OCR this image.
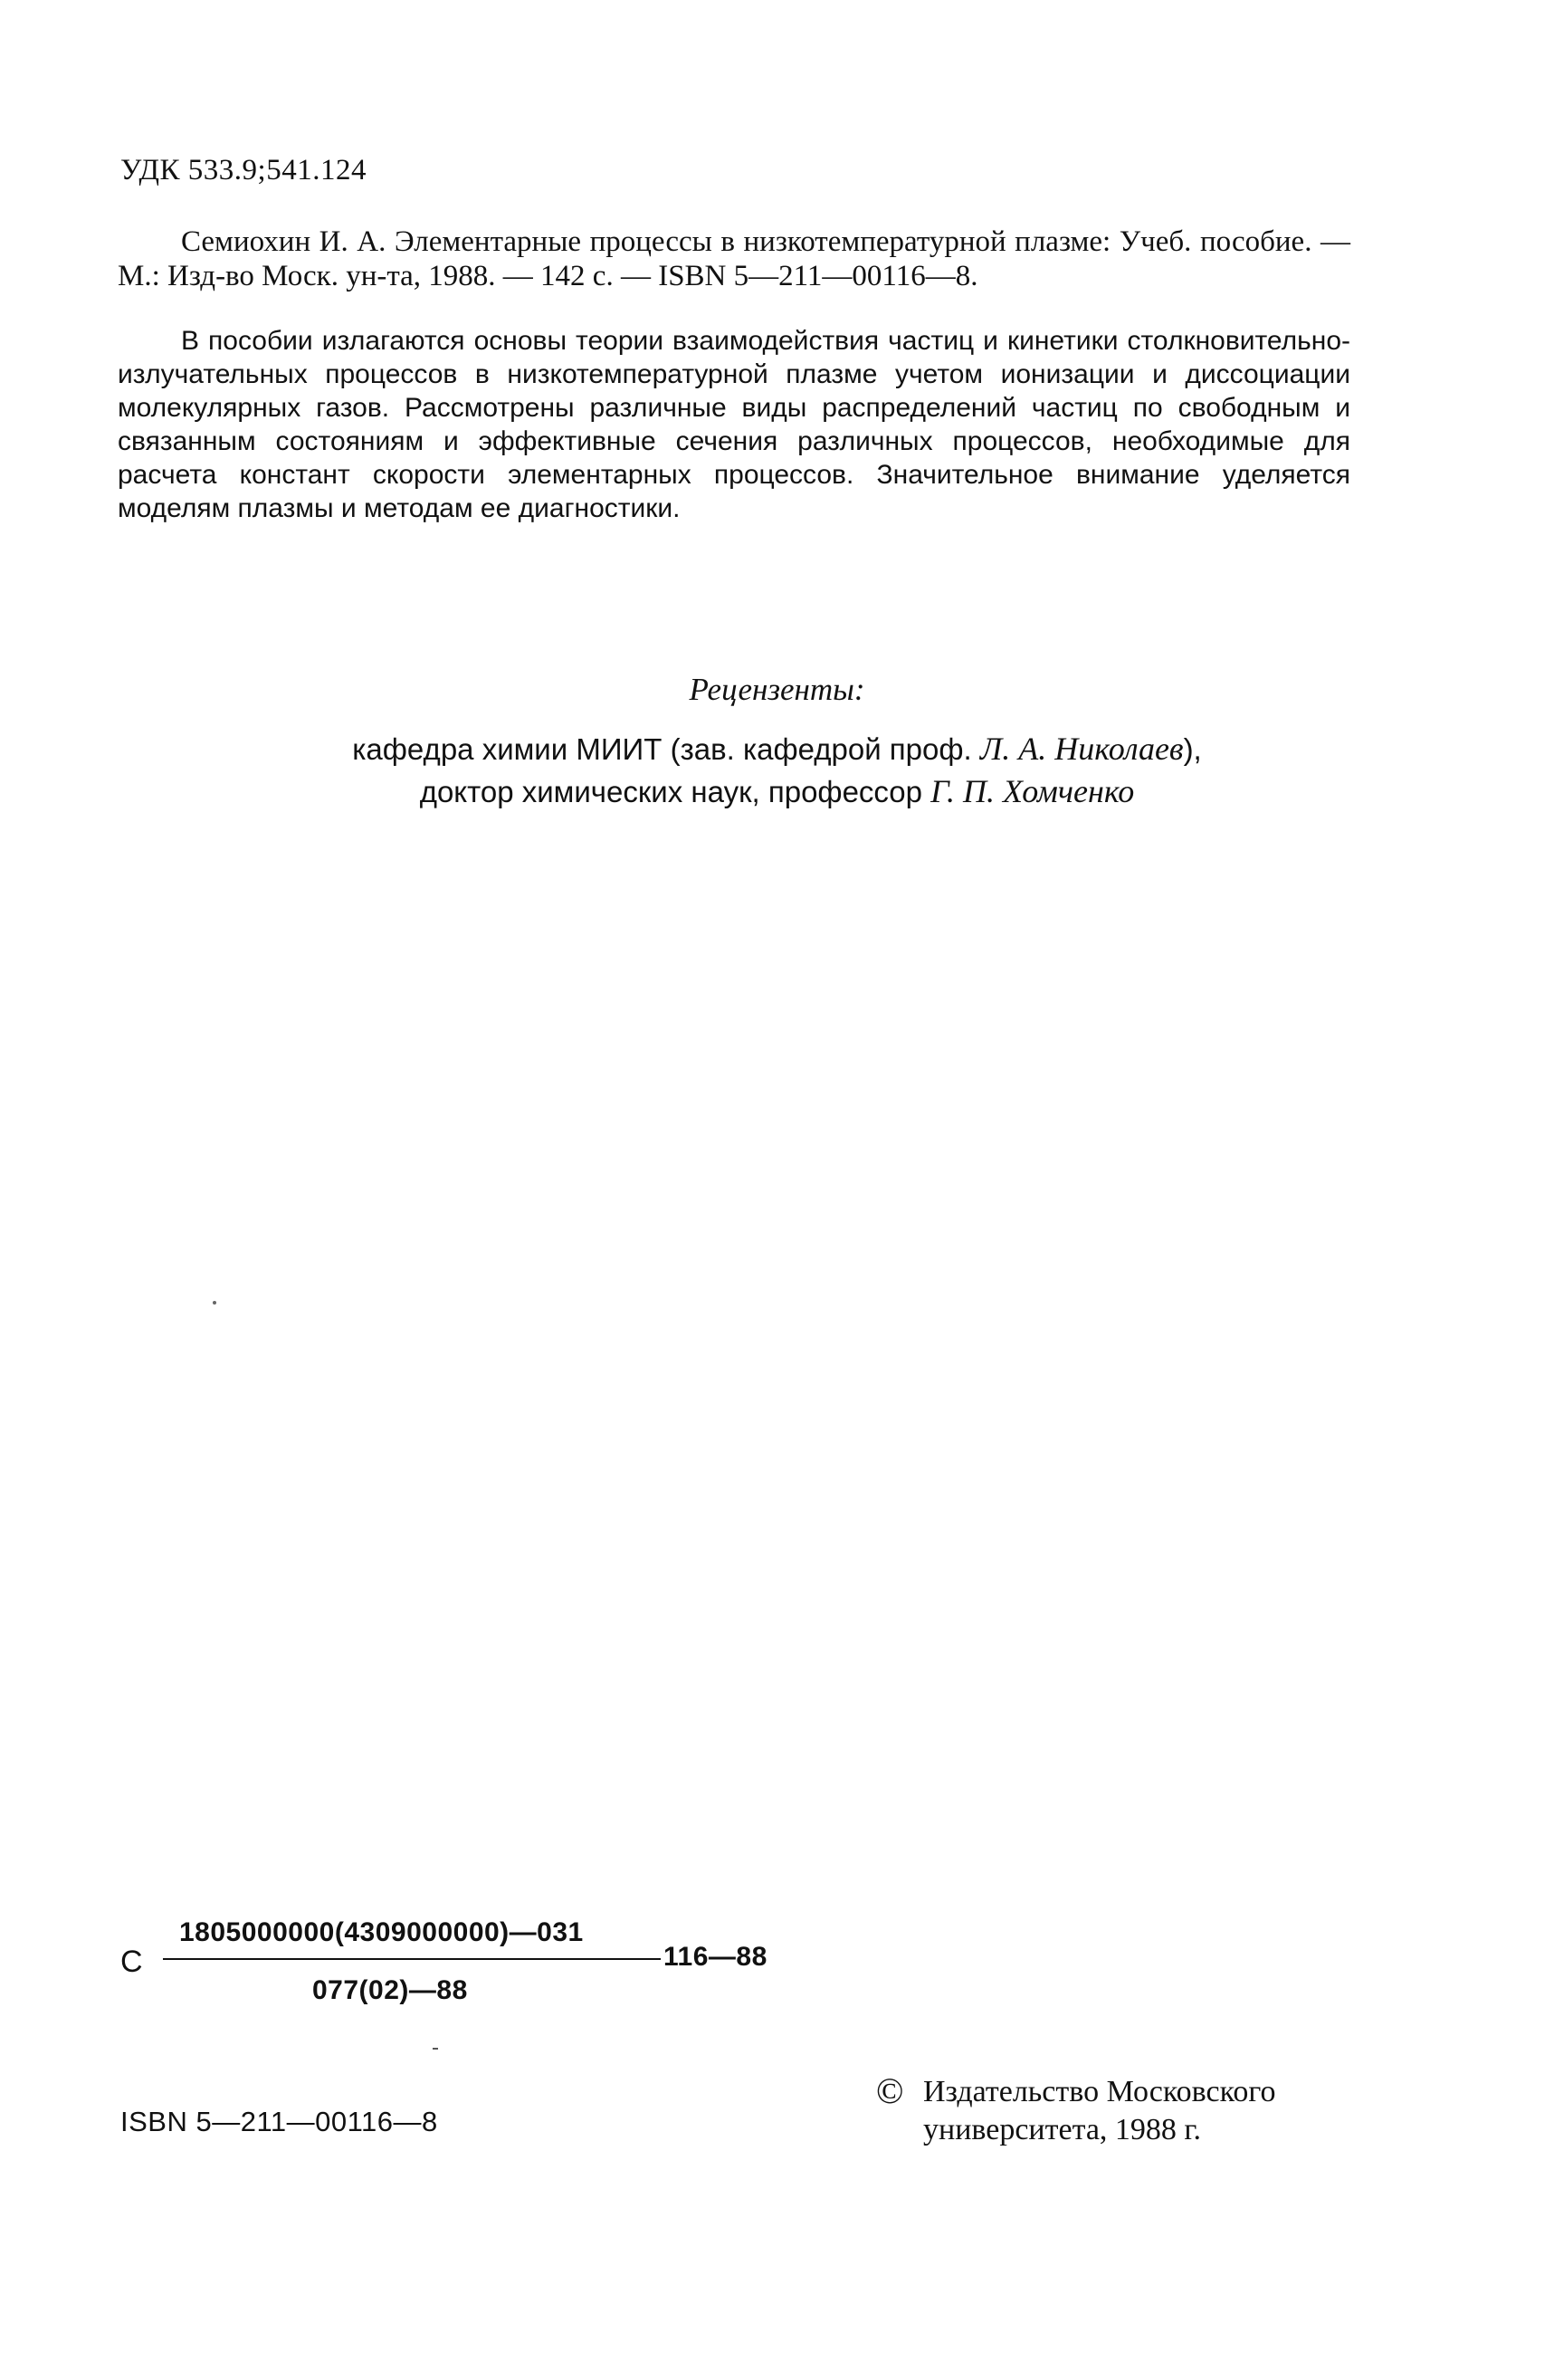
УДК 533.9;541.124

Семиохин И. А. Элементарные процессы в низкотемпературной плазме: Учеб. пособие. — М.: Изд-во Моск. ун-та, 1988. — 142 с. — ISBN 5—211—00116—8.

В пособии излагаются основы теории взаимодействия частиц и кинетики столкновительно-излучательных процессов в низкотемпературной плазме учетом ионизации и диссоциации молекулярных газов. Рассмотрены различные виды распределений частиц по свободным и связанным состояниям и эффективные сечения различных процессов, необходимые для расчета констант скорости элементарных процессов. Значительное внимание уделяется моделям плазмы и методам ее диагностики.

Рецензенты:
кафедра химии МИИТ (зав. кафедрой проф. Л. А. Николаев),
доктор химических наук, профессор Г. П. Хомченко
С
1805000000(4309000000)—031
116—88
077(02)—88
ISBN 5—211—00116—8
© Издательство Московского
университета, 1988 г.
